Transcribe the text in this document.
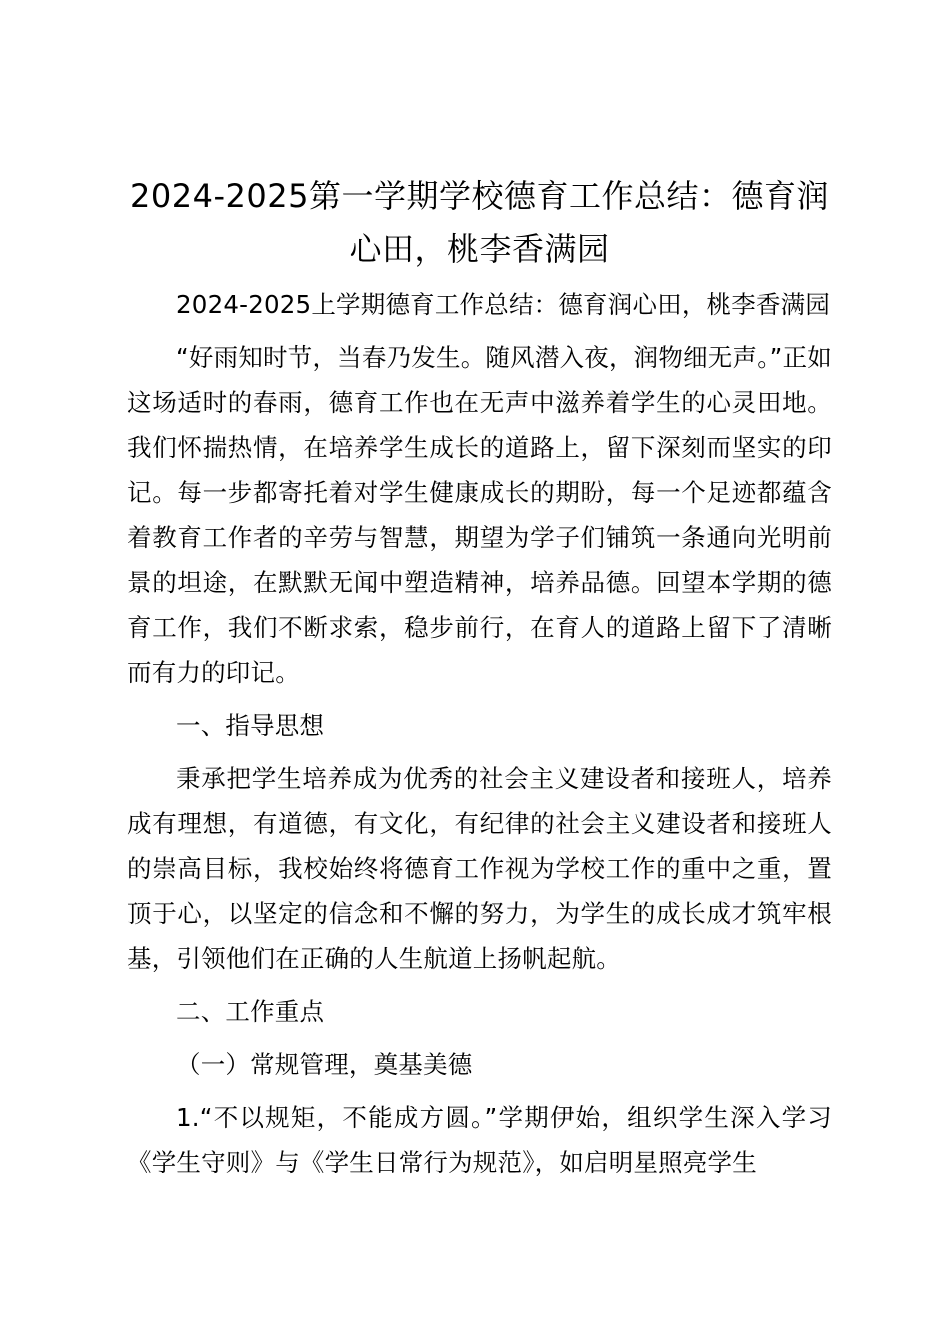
2024-2025第一学期学校德育工作总结：德育润心田，桃李香满园

2024-2025上学期德育工作总结：德育润心田，桃李香满园

“好雨知时节，当春乃发生。随风潜入夜，润物细无声。”正如这场适时的春雨，德育工作也在无声中滋养着学生的心灵田地。我们怀揣热情，在培养学生成长的道路上，留下深刻而坚实的印记。每一步都寄托着对学生健康成长的期盼，每一个足迹都蕴含着教育工作者的辛劳与智慧，期望为学子们铺筑一条通向光明前景的坦途，在默默无闻中塑造精神，培养品德。回望本学期的德育工作，我们不断求索，稳步前行，在育人的道路上留下了清晰而有力的印记。

一、指导思想

秉承把学生培养成为优秀的社会主义建设者和接班人，培养成有理想，有道德，有文化，有纪律的社会主义建设者和接班人的崇高目标，我校始终将德育工作视为学校工作的重中之重，置顶于心，以坚定的信念和不懈的努力，为学生的成长成才筑牢根基，引领他们在正确的人生航道上扬帆起航。

二、工作重点

（一）常规管理，奠基美德

1.“不以规矩，不能成方圆。”学期伊始，组织学生深入学习《学生守则》与《学生日常行为规范》，如启明星照亮学生
